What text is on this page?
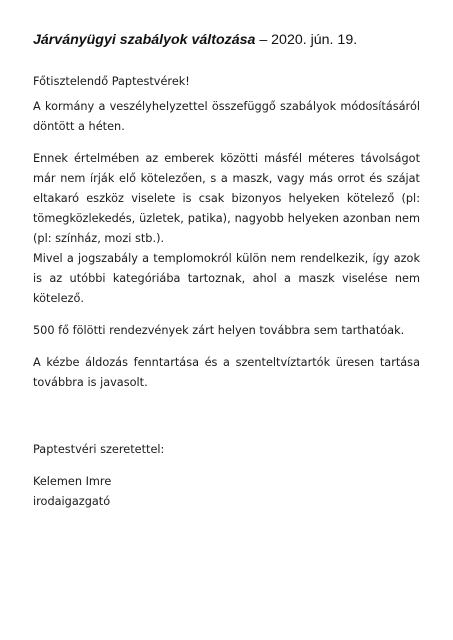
Járványügyi szabályok változása – 2020. jún. 19.

Főtisztelendő Paptestvérek!

A kormány a veszélyhelyzettel összefüggő szabályok módosításáról döntött a héten.

Ennek értelmében az emberek közötti másfél méteres távolságot már nem írják elő kötelezően, s a maszk, vagy más orrot és szájat eltakaró eszköz viselete is csak bizonyos helyeken kötelező (pl: tömegközlekedés, üzletek, patika), nagyobb helyeken azonban nem (pl: színház, mozi stb.).

Mivel a jogszabály a templomokról külön nem rendelkezik, így azok is az utóbbi kategóriába tartoznak, ahol a maszk viselése nem kötelező.

500 fő fölötti rendezvények zárt helyen továbbra sem tarthatóak.

A kézbe áldozás fenntartása és a szenteltvíztartók üresen tartása továbbra is javasolt.

Paptestvéri szeretettel:

Kelemen Imre

irodaigazgató
